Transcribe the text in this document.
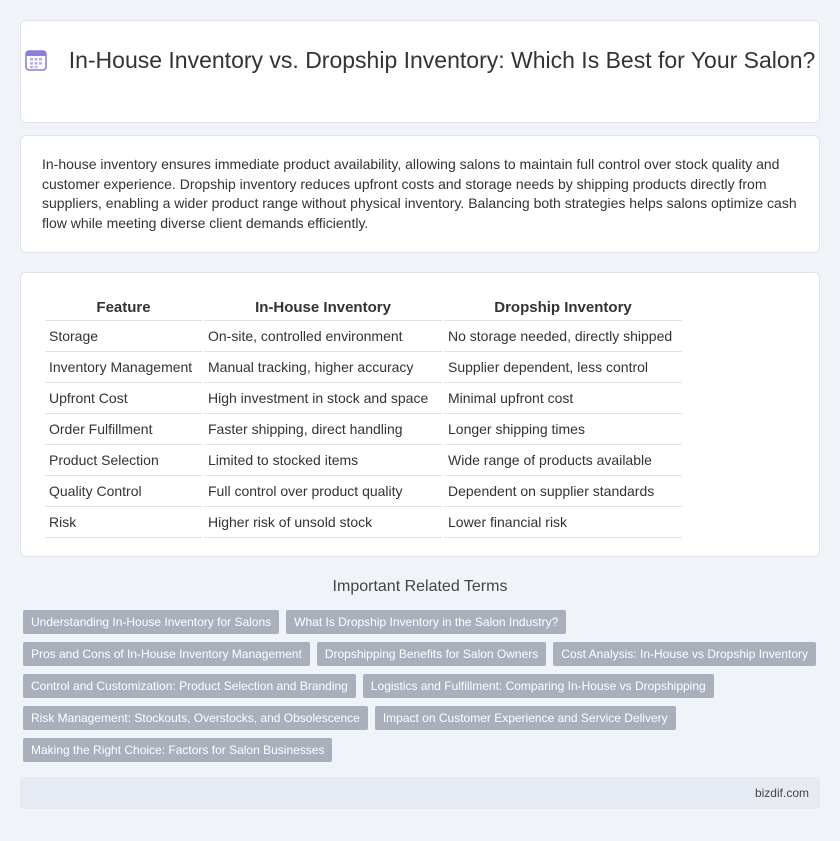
In-House Inventory vs. Dropship Inventory: Which Is Best for Your Salon?

In-house inventory ensures immediate product availability, allowing salons to maintain full control over stock quality and customer experience. Dropship inventory reduces upfront costs and storage needs by shipping products directly from suppliers, enabling a wider product range without physical inventory. Balancing both strategies helps salons optimize cash flow while meeting diverse client demands efficiently.

Feature	In-House Inventory	Dropship Inventory
Storage	On-site, controlled environment	No storage needed, directly shipped
Inventory Management	Manual tracking, higher accuracy	Supplier dependent, less control
Upfront Cost	High investment in stock and space	Minimal upfront cost
Order Fulfillment	Faster shipping, direct handling	Longer shipping times
Product Selection	Limited to stocked items	Wide range of products available
Quality Control	Full control over product quality	Dependent on supplier standards
Risk	Higher risk of unsold stock	Lower financial risk
Important Related Terms
Understanding In-House Inventory for Salons What Is Dropship Inventory in the Salon Industry?
Pros and Cons of In-House Inventory Management Dropshipping Benefits for Salon Owners Cost Analysis: In-House vs Dropship Inventory
Control and Customization: Product Selection and Branding Logistics and Fulfillment: Comparing In-House vs Dropshipping
Risk Management: Stockouts, Overstocks, and Obsolescence Impact on Customer Experience and Service Delivery
Making the Right Choice: Factors for Salon Businesses
bizdif.com
